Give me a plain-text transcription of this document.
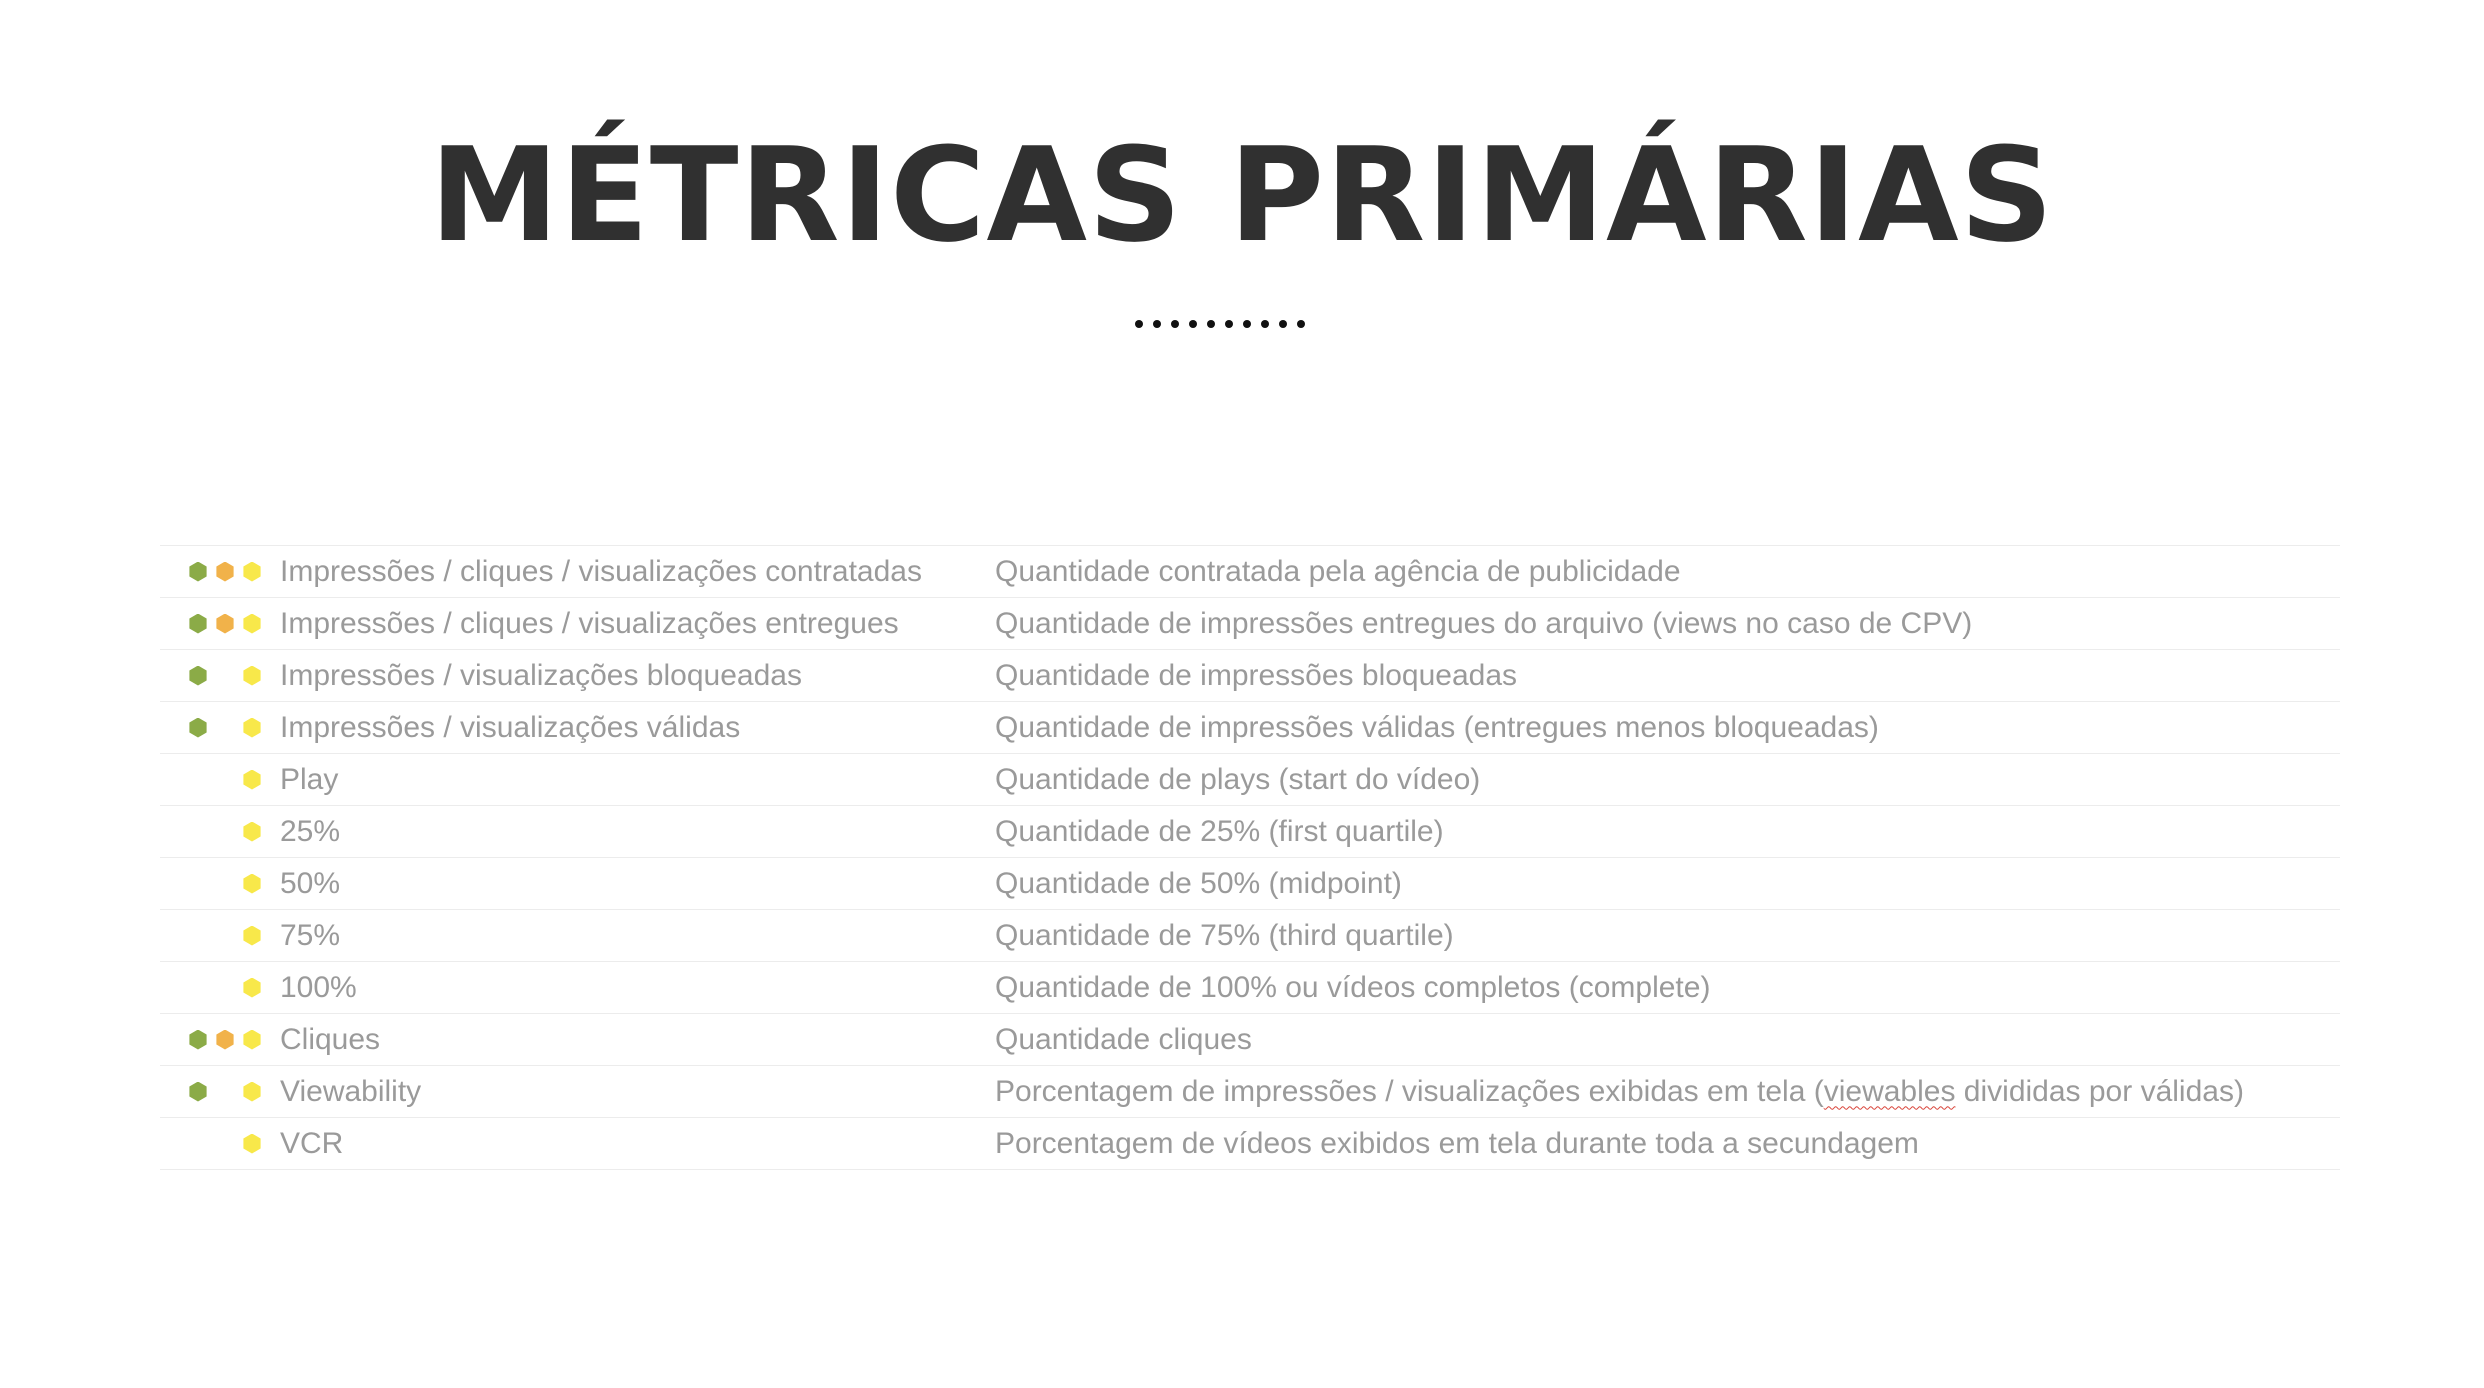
MÉTRICAS PRIMÁRIAS
Impressões / cliques / visualizações contratadas	Quantidade contratada pela agência de publicidade
Impressões / cliques / visualizações entregues	Quantidade de impressões entregues do arquivo (views no caso de CPV)
Impressões / visualizações bloqueadas	Quantidade de impressões bloqueadas
Impressões / visualizações válidas	Quantidade de impressões válidas (entregues menos bloqueadas)
Play	Quantidade de plays (start do vídeo)
25%	Quantidade de 25% (first quartile)
50%	Quantidade de 50% (midpoint)
75%	Quantidade de 75% (third quartile)
100%	Quantidade de 100% ou vídeos completos (complete)
Cliques	Quantidade cliques
Viewability	Porcentagem de impressões / visualizações exibidas em tela (viewables divididas por válidas)
VCR	Porcentagem de vídeos exibidos em tela durante toda a secundagem
